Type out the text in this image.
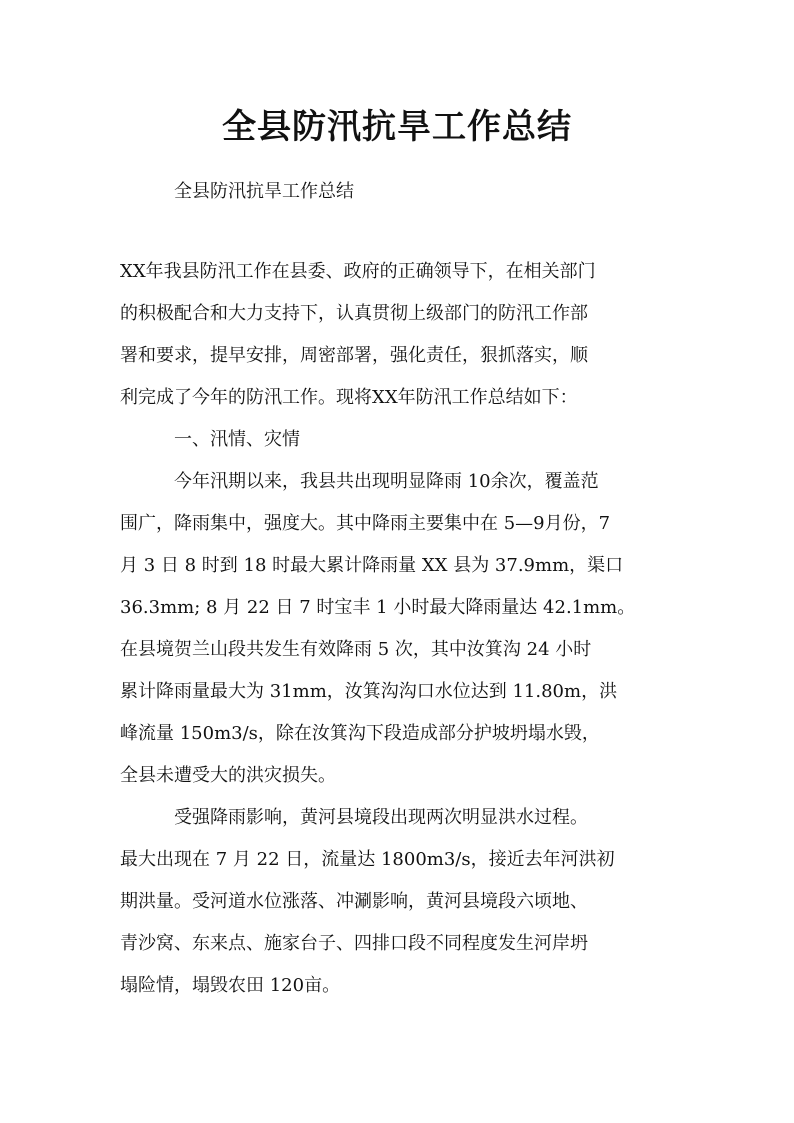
全县防汛抗旱工作总结
全县防汛抗旱工作总结
XX年我县防汛工作在县委、政府的正确领导下，在相关部门
的积极配合和大力支持下，认真贯彻上级部门的防汛工作部
署和要求，提早安排，周密部署，强化责任，狠抓落实，顺
利完成了今年的防汛工作。现将XX年防汛工作总结如下：
一、汛情、灾情
今年汛期以来，我县共出现明显降雨 10余次，覆盖范
围广，降雨集中，强度大。其中降雨主要集中在 5—9月份，7
月 3 日 8 时到 18 时最大累计降雨量 XX 县为 37.9mm，渠口
36.3mm; 8 月 22 日 7 时宝丰 1 小时最大降雨量达 42.1mm。
在县境贺兰山段共发生有效降雨 5 次，其中汝箕沟 24 小时
累计降雨量最大为 31mm，汝箕沟沟口水位达到 11.80m，洪
峰流量 150m3/s，除在汝箕沟下段造成部分护坡坍塌水毁，
全县未遭受大的洪灾损失。
受强降雨影响，黄河县境段出现两次明显洪水过程。
最大出现在 7 月 22 日，流量达 1800m3/s，接近去年河洪初
期洪量。受河道水位涨落、冲涮影响，黄河县境段六顷地、
青沙窝、东来点、施家台子、四排口段不同程度发生河岸坍
塌险情，塌毁农田 120亩。
